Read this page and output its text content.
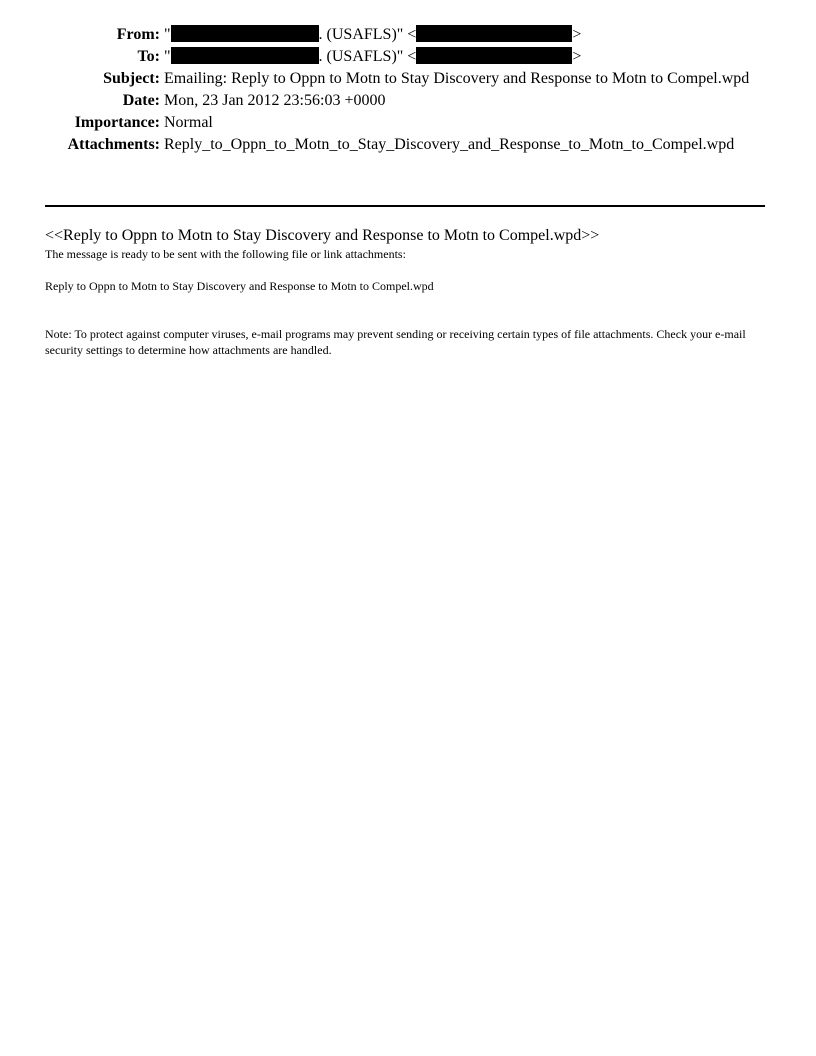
From: "	. (USAFLS)" <	>
To: "	. (USAFLS)" <	>
Subject: Emailing: Reply to Oppn to Motn to Stay Discovery and Response to Motn to Compel.wpd
Date: Mon, 23 Jan 2012 23:56:03 +0000
Importance: Normal
Attachments: Reply_to_Oppn_to_Motn_to_Stay_Discovery_and_Response_to_Motn_to_Compel.wpd
<<Reply to Oppn to Motn to Stay Discovery and Response to Motn to Compel.wpd>>
The message is ready to be sent with the following file or link attachments:
Reply to Oppn to Motn to Stay Discovery and Response to Motn to Compel.wpd
Note: To protect against computer viruses, e-mail programs may prevent sending or receiving certain types of file attachments. Check your e-mail security settings to determine how attachments are handled.
